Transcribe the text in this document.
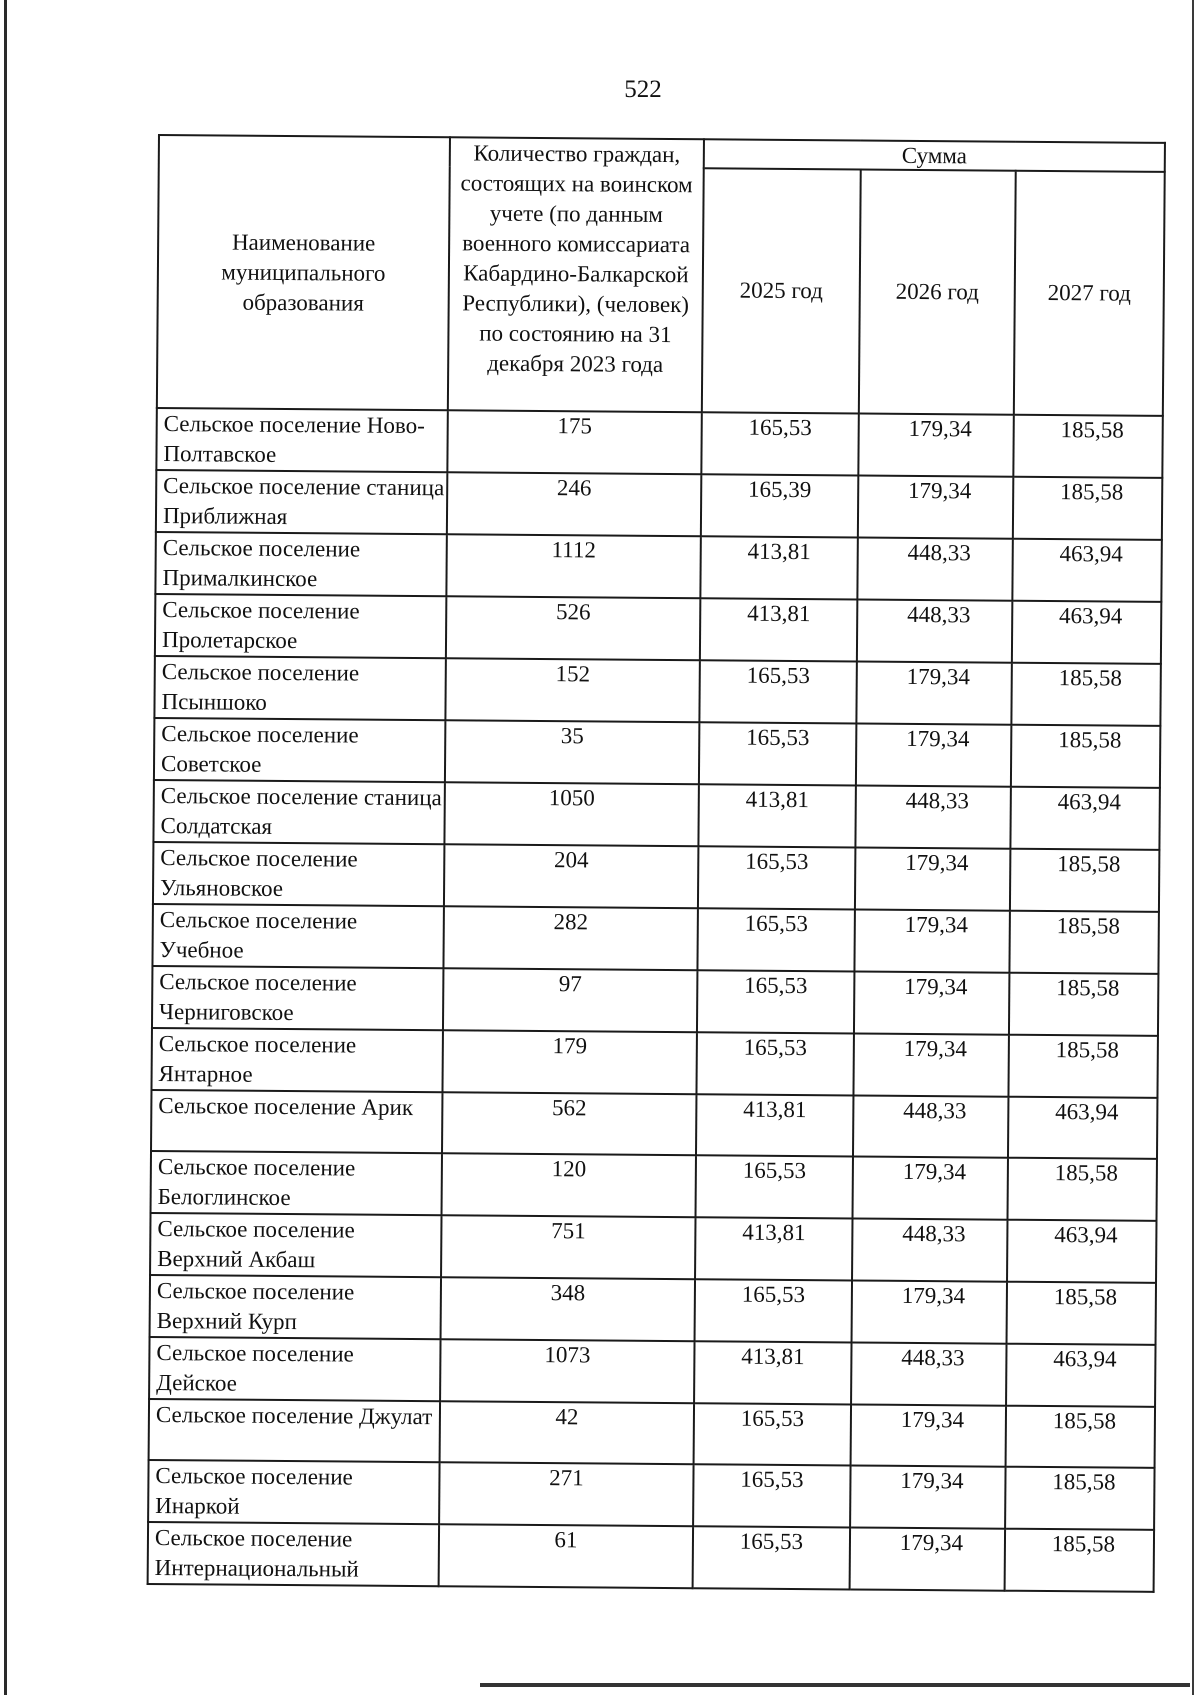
522
Наименование муниципального образования	Количество граждан, состоящих на воинском учете (по данным военного комиссариата Кабардино-Балкарской Республики), (человек) по состоянию на 31 декабря 2023 года	Сумма		
		2025 год	2026 год	2027 год
Сельское поселение Ново-Полтавское	175	165,53	179,34	185,58
Сельское поселение станица Приближная	246	165,39	179,34	185,58
Сельское поселение Прималкинское	1112	413,81	448,33	463,94
Сельское поселение Пролетарское	526	413,81	448,33	463,94
Сельское поселение Псыншоко	152	165,53	179,34	185,58
Сельское поселение Советское	35	165,53	179,34	185,58
Сельское поселение станица Солдатская	1050	413,81	448,33	463,94
Сельское поселение Ульяновское	204	165,53	179,34	185,58
Сельское поселение Учебное	282	165,53	179,34	185,58
Сельское поселение Черниговское	97	165,53	179,34	185,58
Сельское поселение Янтарное	179	165,53	179,34	185,58
Сельское поселение Арик	562	413,81	448,33	463,94
Сельское поселение Белоглинское	120	165,53	179,34	185,58
Сельское поселение Верхний Акбаш	751	413,81	448,33	463,94
Сельское поселение Верхний Курп	348	165,53	179,34	185,58
Сельское поселение Дейское	1073	413,81	448,33	463,94
Сельское поселение Джулат	42	165,53	179,34	185,58
Сельское поселение Инаркой	271	165,53	179,34	185,58
Сельское поселение Интернациональный	61	165,53	179,34	185,58
